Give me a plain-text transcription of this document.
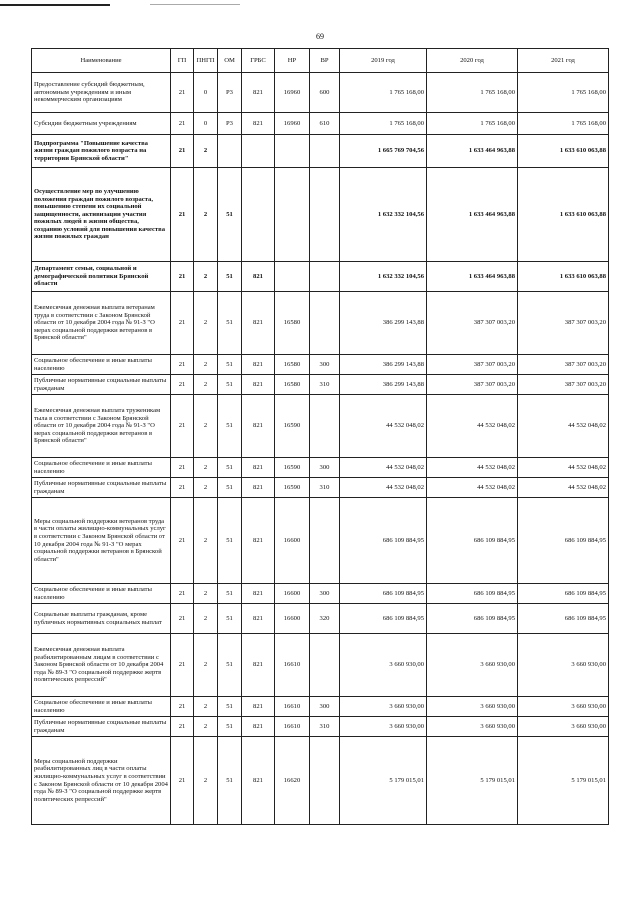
69
Наименование	ГП	ПНГП	ОМ	ГРБС	НР	ВР	2019 год	2020 год	2021 год
Предоставление субсидий бюджетным, автономным учреждениям и иным некоммерческим организациям	21	0	Р3	821	16960	600	1 765 168,00	1 765 168,00	1 765 168,00
Субсидии бюджетным учреждениям	21	0	Р3	821	16960	610	1 765 168,00	1 765 168,00	1 765 168,00
Подпрограмма "Повышение качества жизни граждан пожилого возраста на территории Брянской области"	21	2					1 665 769 704,56	1 633 464 963,88	1 633 610 063,88
Осуществление мер по улучшению положения граждан пожилого возраста, повышению степени их социальной защищенности, активизации участия пожилых людей в жизни общества, созданию условий для повышения качества жизни пожилых граждан	21	2	51				1 632 332 104,56	1 633 464 963,88	1 633 610 063,88
Департамент семьи, социальной и демографической политики Брянской области	21	2	51	821			1 632 332 104,56	1 633 464 963,88	1 633 610 063,88
Ежемесячная денежная выплата ветеранам труда в соответствии с Законом Брянской области от 10 декабря 2004 года № 91-З "О мерах социальной поддержки ветеранов в Брянской области"	21	2	51	821	16580		386 299 143,88	387 307 003,20	387 307 003,20
Социальное обеспечение и иные выплаты населению	21	2	51	821	16580	300	386 299 143,88	387 307 003,20	387 307 003,20
Публичные нормативные социальные выплаты гражданам	21	2	51	821	16580	310	386 299 143,88	387 307 003,20	387 307 003,20
Ежемесячная денежная выплата труженикам тыла в соответствии с Законом Брянской области от 10 декабря 2004 года № 91-З "О мерах социальной поддержки ветеранов в Брянской области"	21	2	51	821	16590		44 532 048,02	44 532 048,02	44 532 048,02
Социальное обеспечение и иные выплаты населению	21	2	51	821	16590	300	44 532 048,02	44 532 048,02	44 532 048,02
Публичные нормативные социальные выплаты гражданам	21	2	51	821	16590	310	44 532 048,02	44 532 048,02	44 532 048,02
Меры социальной поддержки ветеранов труда в части оплаты жилищно-коммунальных услуг в соответствии с Законом Брянской области от 10 декабря 2004 года № 91-З "О мерах социальной поддержки ветеранов в Брянской области"	21	2	51	821	16600		686 109 884,95	686 109 884,95	686 109 884,95
Социальное обеспечение и иные выплаты населению	21	2	51	821	16600	300	686 109 884,95	686 109 884,95	686 109 884,95
Социальные выплаты гражданам, кроме публичных нормативных социальных выплат	21	2	51	821	16600	320	686 109 884,95	686 109 884,95	686 109 884,95
Ежемесячная денежная выплата реабилитированным лицам в соответствии с Законом Брянской области от 10 декабря 2004 года № 89-З "О социальной поддержке жертв политических репрессий"	21	2	51	821	16610		3 660 930,00	3 660 930,00	3 660 930,00
Социальное обеспечение и иные выплаты населению	21	2	51	821	16610	300	3 660 930,00	3 660 930,00	3 660 930,00
Публичные нормативные социальные выплаты гражданам	21	2	51	821	16610	310	3 660 930,00	3 660 930,00	3 660 930,00
Меры социальной поддержки реабилитированных лиц в части оплаты жилищно-коммунальных услуг в соответствии с Законом Брянской области от 10 декабря 2004 года № 89-З "О социальной поддержке жертв политических репрессий"	21	2	51	821	16620		5 179 015,01	5 179 015,01	5 179 015,01
